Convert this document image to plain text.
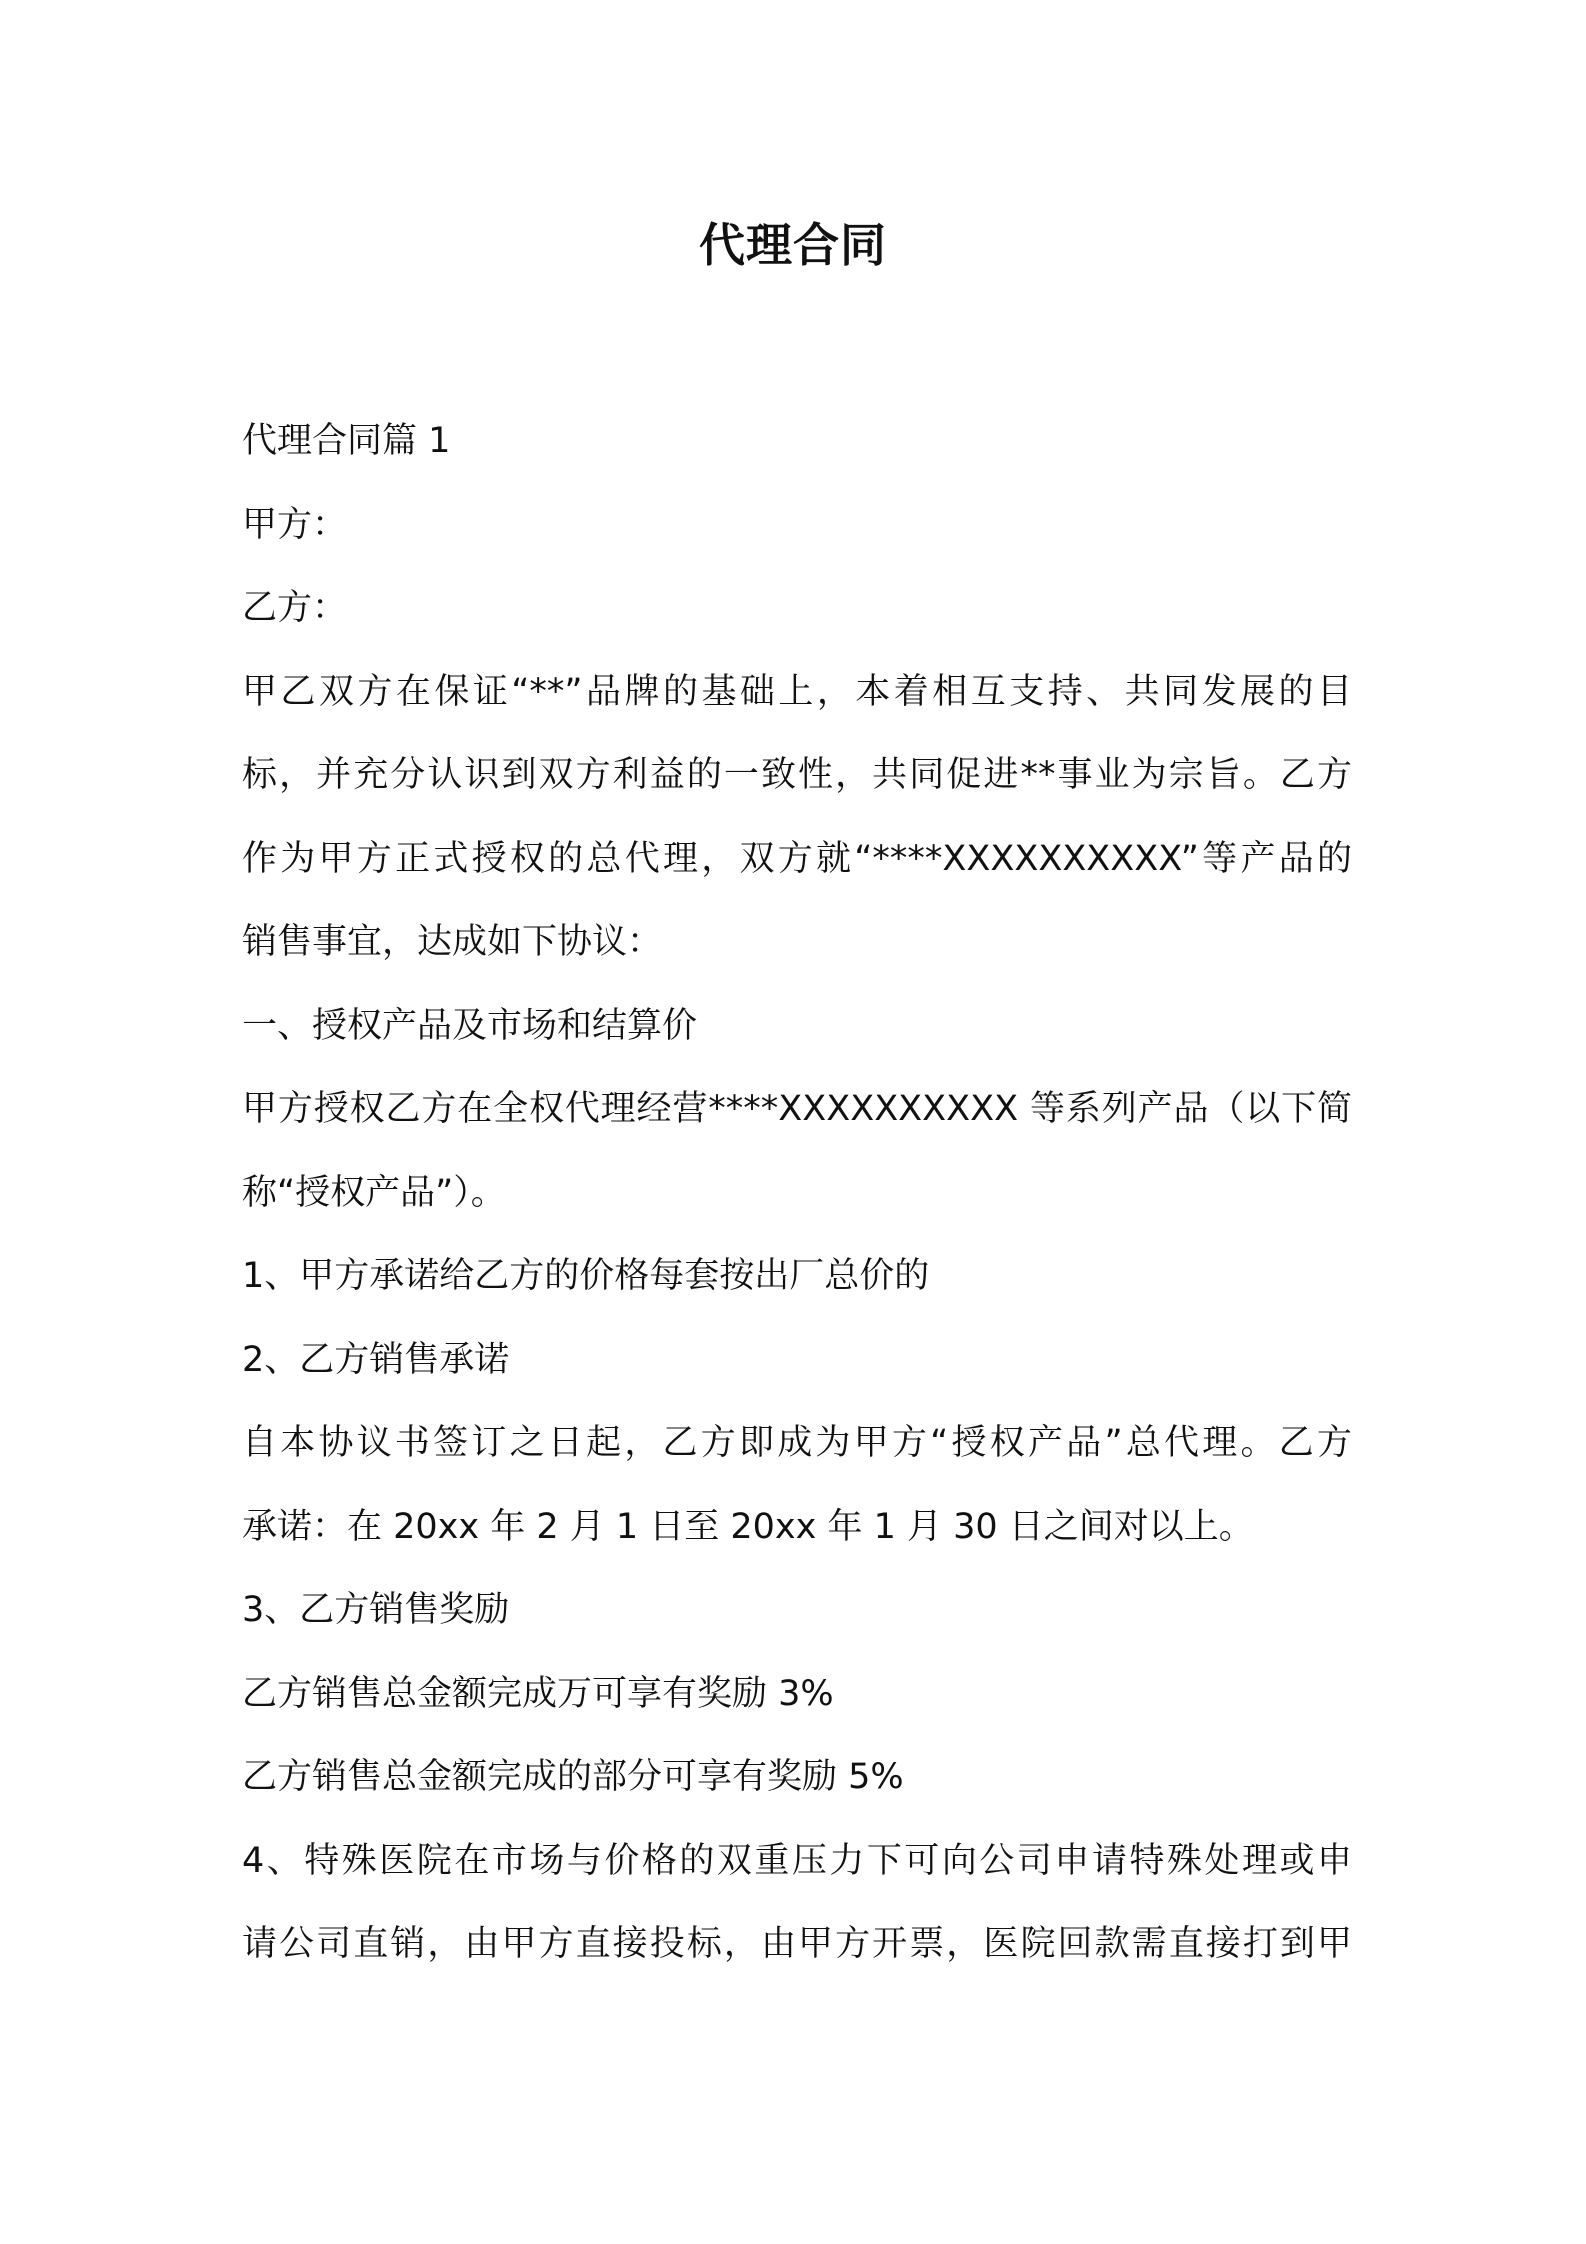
代理合同
代理合同篇 1
甲方：
乙方：
甲乙双方在保证“**”品牌的基础上，本着相互支持、共同发展的目
标，并充分认识到双方利益的一致性，共同促进**事业为宗旨。乙方
作为甲方正式授权的总代理，双方就“****XXXXXXXXXX”等产品的
销售事宜，达成如下协议：
一、授权产品及市场和结算价
甲方授权乙方在全权代理经营****XXXXXXXXXX 等系列产品（以下简
称“授权产品”）。
1、甲方承诺给乙方的价格每套按出厂总价的
2、乙方销售承诺
自本协议书签订之日起，乙方即成为甲方“授权产品”总代理。乙方
承诺：在 20xx 年 2 月 1 日至 20xx 年 1 月 30 日之间对以上。
3、乙方销售奖励
乙方销售总金额完成万可享有奖励 3%
乙方销售总金额完成的部分可享有奖励 5%
4、特殊医院在市场与价格的双重压力下可向公司申请特殊处理或申
请公司直销，由甲方直接投标，由甲方开票，医院回款需直接打到甲
